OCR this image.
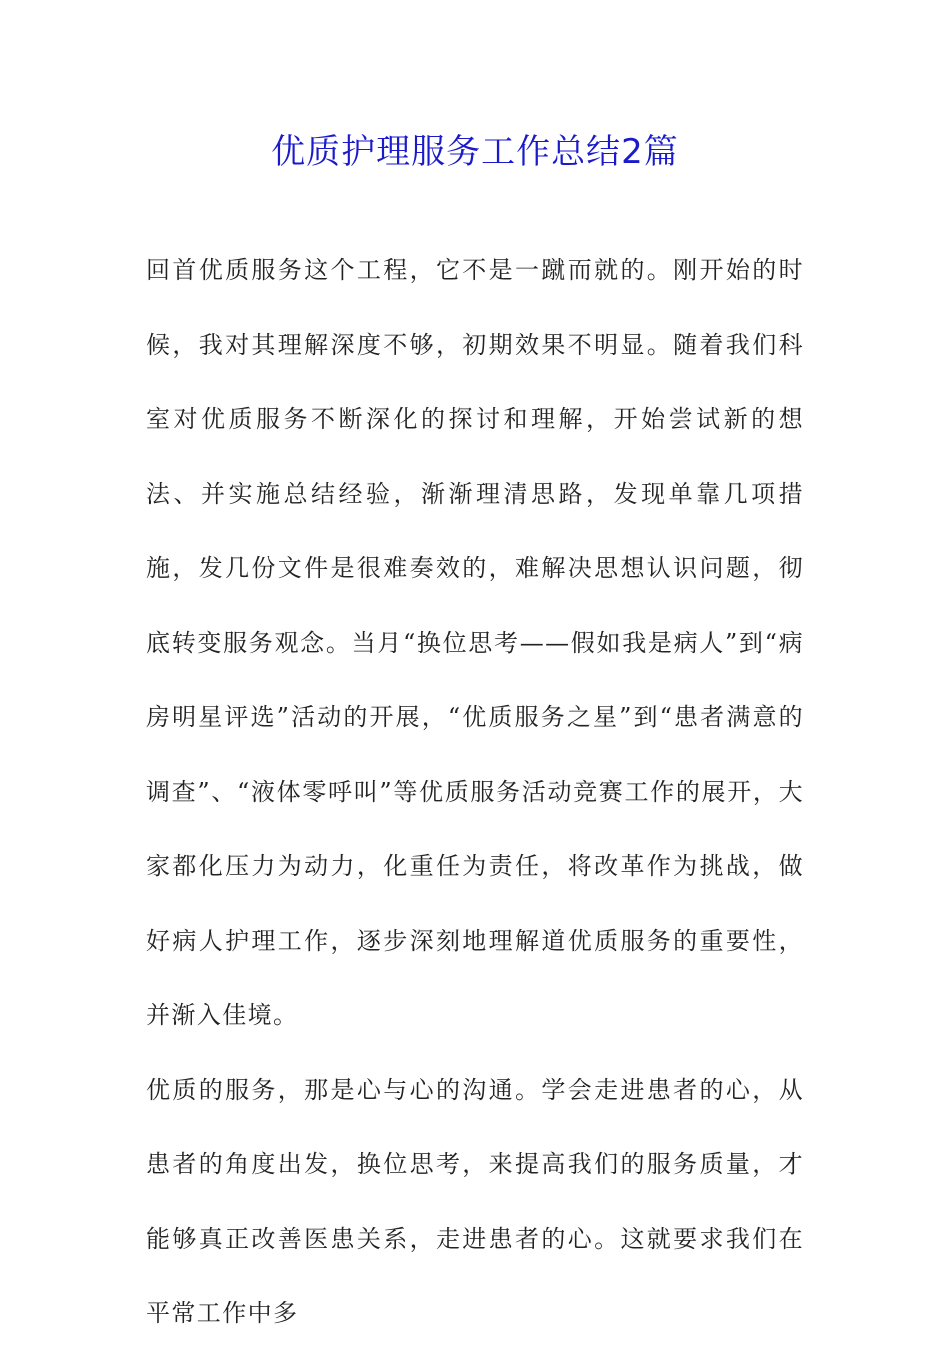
优质护理服务工作总结2篇

回首优质服务这个工程，它不是一蹴而就的。刚开始的时候，我对其理解深度不够，初期效果不明显。随着我们科室对优质服务不断深化的探讨和理解，开始尝试新的想法、并实施总结经验，渐渐理清思路，发现单靠几项措施，发几份文件是很难奏效的，难解决思想认识问题，彻底转变服务观念。当月“换位思考——假如我是病人”到“病房明星评选”活动的开展，“优质服务之星”到“患者满意的调查”、“液体零呼叫”等优质服务活动竞赛工作的展开，大家都化压力为动力，化重任为责任，将改革作为挑战，做好病人护理工作，逐步深刻地理解道优质服务的重要性，并渐入佳境。

优质的服务，那是心与心的沟通。学会走进患者的心，从患者的角度出发，换位思考，来提高我们的服务质量，才能够真正改善医患关系，走进患者的心。这就要求我们在平常工作中多
